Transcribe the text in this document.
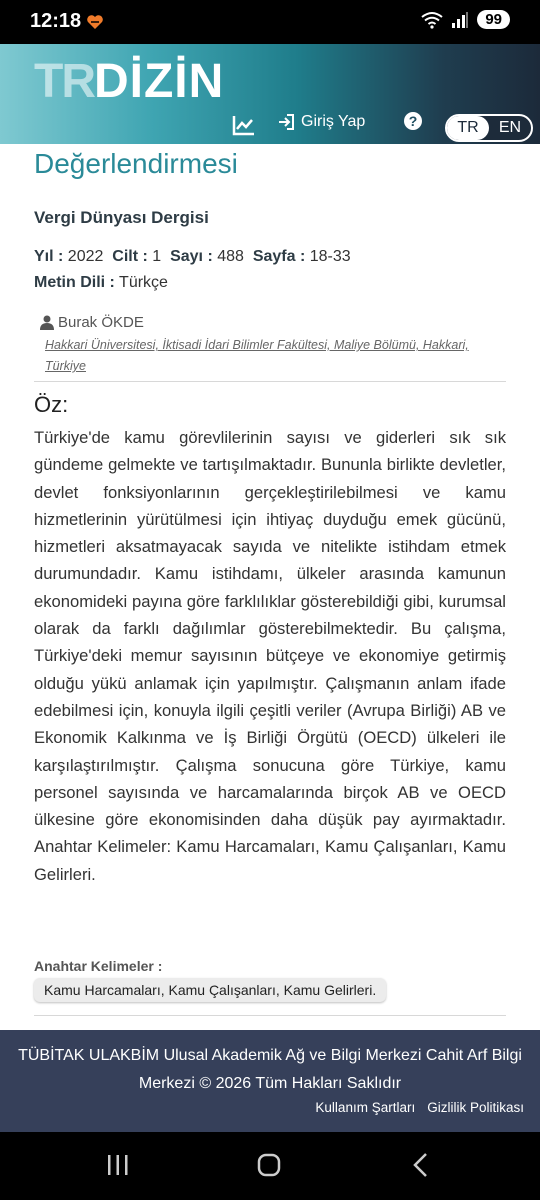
12:18	99
TRDİZİN
Giriş Yap	?	TR	EN
Değerlendirmesi
Vergi Dünyası Dergisi
Yıl : 2022 Cilt : 1 Sayı : 488 Sayfa : 18-33
Metin Dili : Türkçe
Burak ÖKDE
Hakkari Üniversitesi, İktisadi İdari Bilimler Fakültesi, Maliye Bölümü, Hakkari, Türkiye
Öz:
Türkiye'de kamu görevlilerinin sayısı ve giderleri sık sık gündeme gelmekte ve tartışılmaktadır. Bununla birlikte devletler, devlet fonksiyonlarının gerçekleştirilebilmesi ve kamu hizmetlerinin yürütülmesi için ihtiyaç duyduğu emek gücünü, hizmetleri aksatmayacak sayıda ve nitelikte istihdam etmek durumundadır. Kamu istihdamı, ülkeler arasında kamunun ekonomideki payına göre farklılıklar gösterebildiği gibi, kurumsal olarak da farklı dağılımlar gösterebilmektedir. Bu çalışma, Türkiye'deki memur sayısının bütçeye ve ekonomiye getirmiş olduğu yükü anlamak için yapılmıştır. Çalışmanın anlam ifade edebilmesi için, konuyla ilgili çeşitli veriler (Avrupa Birliği) AB ve Ekonomik Kalkınma ve İş Birliği Örgütü (OECD) ülkeleri ile karşılaştırılmıştır. Çalışma sonucuna göre Türkiye, kamu personel sayısında ve harcamalarında birçok AB ve OECD ülkesine göre ekonomisinden daha düşük pay ayırmaktadır. Anahtar Kelimeler: Kamu Harcamaları, Kamu Çalışanları, Kamu Gelirleri.
Anahtar Kelimeler :
Kamu Harcamaları, Kamu Çalışanları, Kamu Gelirleri.
TÜBİTAK ULAKBİM Ulusal Akademik Ağ ve Bilgi Merkezi Cahit Arf Bilgi Merkezi © 2026 Tüm Hakları Saklıdır
Kullanım Şartları Gizlilik Politikası
